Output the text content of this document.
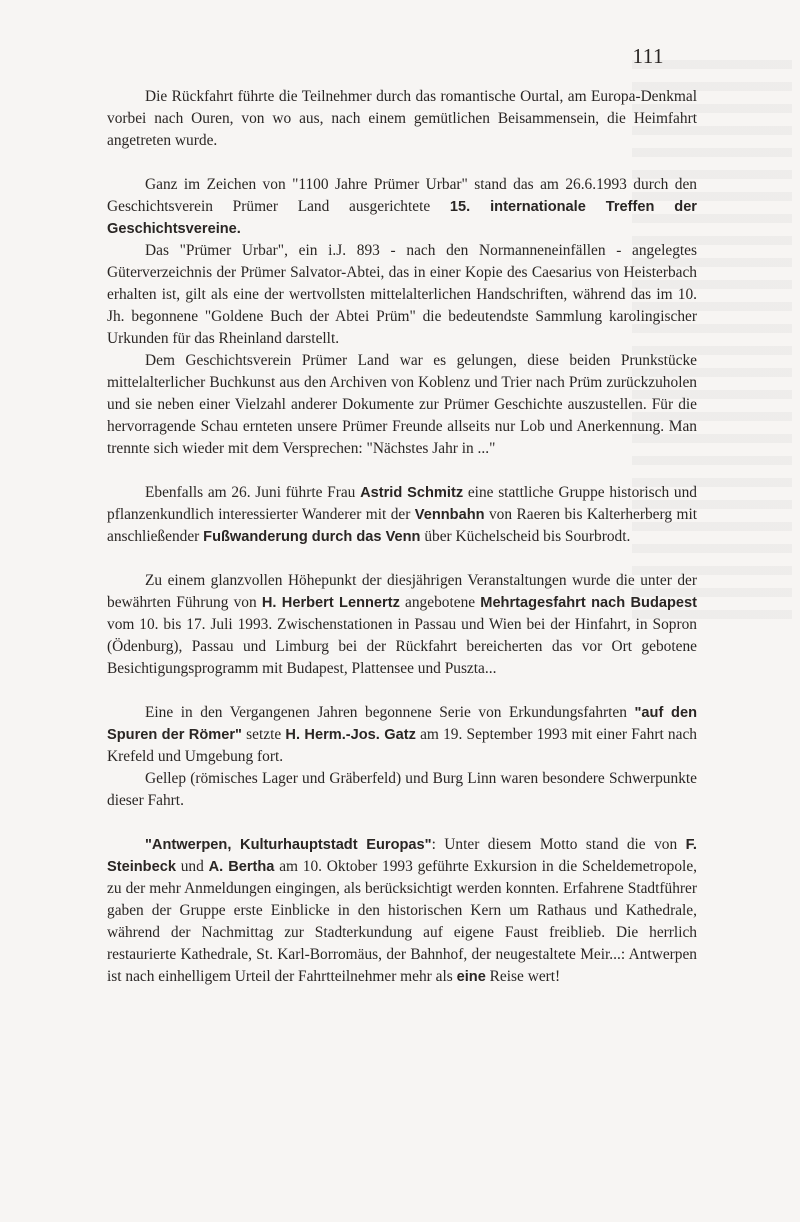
111

Die Rückfahrt führte die Teilnehmer durch das romantische Ourtal, am Europa-Denkmal vorbei nach Ouren, von wo aus, nach einem gemütlichen Beisammensein, die Heimfahrt angetreten wurde.

Ganz im Zeichen von "1100 Jahre Prümer Urbar" stand das am 26.6.1993 durch den Geschichtsverein Prümer Land ausgerichtete 15. internationale Treffen der Geschichtsvereine.

Das "Prümer Urbar", ein i.J. 893 - nach den Normanneneinfällen - angelegtes Güterverzeichnis der Prümer Salvator-Abtei, das in einer Kopie des Caesarius von Heisterbach erhalten ist, gilt als eine der wertvollsten mittelalterlichen Handschriften, während das im 10. Jh. begonnene "Goldene Buch der Abtei Prüm" die bedeutendste Sammlung karolingischer Urkunden für das Rheinland darstellt.

Dem Geschichtsverein Prümer Land war es gelungen, diese beiden Prunkstücke mittelalterlicher Buchkunst aus den Archiven von Koblenz und Trier nach Prüm zurückzuholen und sie neben einer Vielzahl anderer Dokumente zur Prümer Geschichte auszustellen. Für die hervorragende Schau ernteten unsere Prümer Freunde allseits nur Lob und Anerkennung. Man trennte sich wieder mit dem Versprechen: "Nächstes Jahr in ..."

Ebenfalls am 26. Juni führte Frau Astrid Schmitz eine stattliche Gruppe historisch und pflanzenkundlich interessierter Wanderer mit der Vennbahn von Raeren bis Kalterherberg mit anschließender Fußwanderung durch das Venn über Küchelscheid bis Sourbrodt.

Zu einem glanzvollen Höhepunkt der diesjährigen Veranstaltungen wurde die unter der bewährten Führung von H. Herbert Lennertz angebotene Mehrtagesfahrt nach Budapest vom 10. bis 17. Juli 1993. Zwischenstationen in Passau und Wien bei der Hinfahrt, in Sopron (Ödenburg), Passau und Limburg bei der Rückfahrt bereicherten das vor Ort gebotene Besichtigungsprogramm mit Budapest, Plattensee und Puszta...

Eine in den Vergangenen Jahren begonnene Serie von Erkundungsfahrten "auf den Spuren der Römer" setzte H. Herm.-Jos. Gatz am 19. September 1993 mit einer Fahrt nach Krefeld und Umgebung fort.

Gellep (römisches Lager und Gräberfeld) und Burg Linn waren besondere Schwerpunkte dieser Fahrt.

"Antwerpen, Kulturhauptstadt Europas": Unter diesem Motto stand die von F. Steinbeck und A. Bertha am 10. Oktober 1993 geführte Exkursion in die Scheldemetropole, zu der mehr Anmeldungen eingingen, als berücksichtigt werden konnten. Erfahrene Stadtführer gaben der Gruppe erste Einblicke in den historischen Kern um Rathaus und Kathedrale, während der Nachmittag zur Stadterkundung auf eigene Faust freiblieb. Die herrlich restaurierte Kathedrale, St. Karl-Borromäus, der Bahnhof, der neugestaltete Meir...: Antwerpen ist nach einhelligem Urteil der Fahrtteilnehmer mehr als eine Reise wert!
